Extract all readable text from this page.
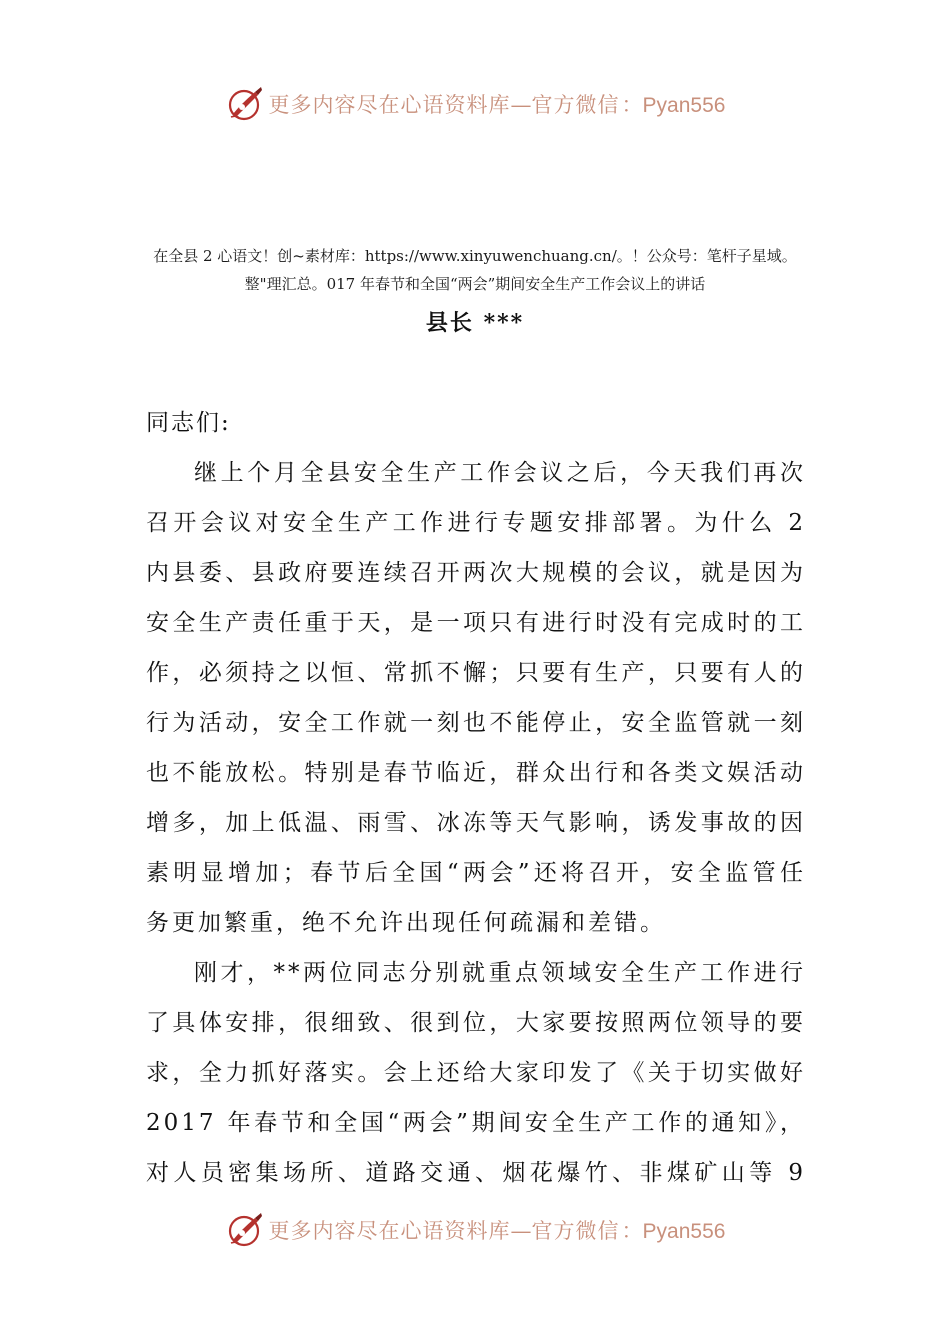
更多内容尽在心语资料库—官方微信：Pyan556
在全县 2 心语文！创~素材库：https://www.xinyuwenchuang.cn/。！公众号：笔杆子星域。
整"理汇总。017 年春节和全国“两会”期间安全生产工作会议上的讲话
县长 ***
同志们:
继上个月全县安全生产工作会议之后，今天我们再次
召开会议对安全生产工作进行专题安排部署。为什么 2
内县委、县政府要连续召开两次大规模的会议，就是因为
安全生产责任重于天，是一项只有进行时没有完成时的工
作，必须持之以恒、常抓不懈；只要有生产，只要有人的
行为活动，安全工作就一刻也不能停止，安全监管就一刻
也不能放松。特别是春节临近，群众出行和各类文娱活动
增多，加上低温、雨雪、冰冻等天气影响，诱发事故的因
素明显增加；春节后全国“两会”还将召开，安全监管任
务更加繁重，绝不允许出现任何疏漏和差错。
刚才，**两位同志分别就重点领域安全生产工作进行
了具体安排，很细致、很到位，大家要按照两位领导的要
求，全力抓好落实。会上还给大家印发了《关于切实做好
2017 年春节和全国“两会”期间安全生产工作的通知》，
对人员密集场所、道路交通、烟花爆竹、非煤矿山等 9
更多内容尽在心语资料库—官方微信：Pyan556
